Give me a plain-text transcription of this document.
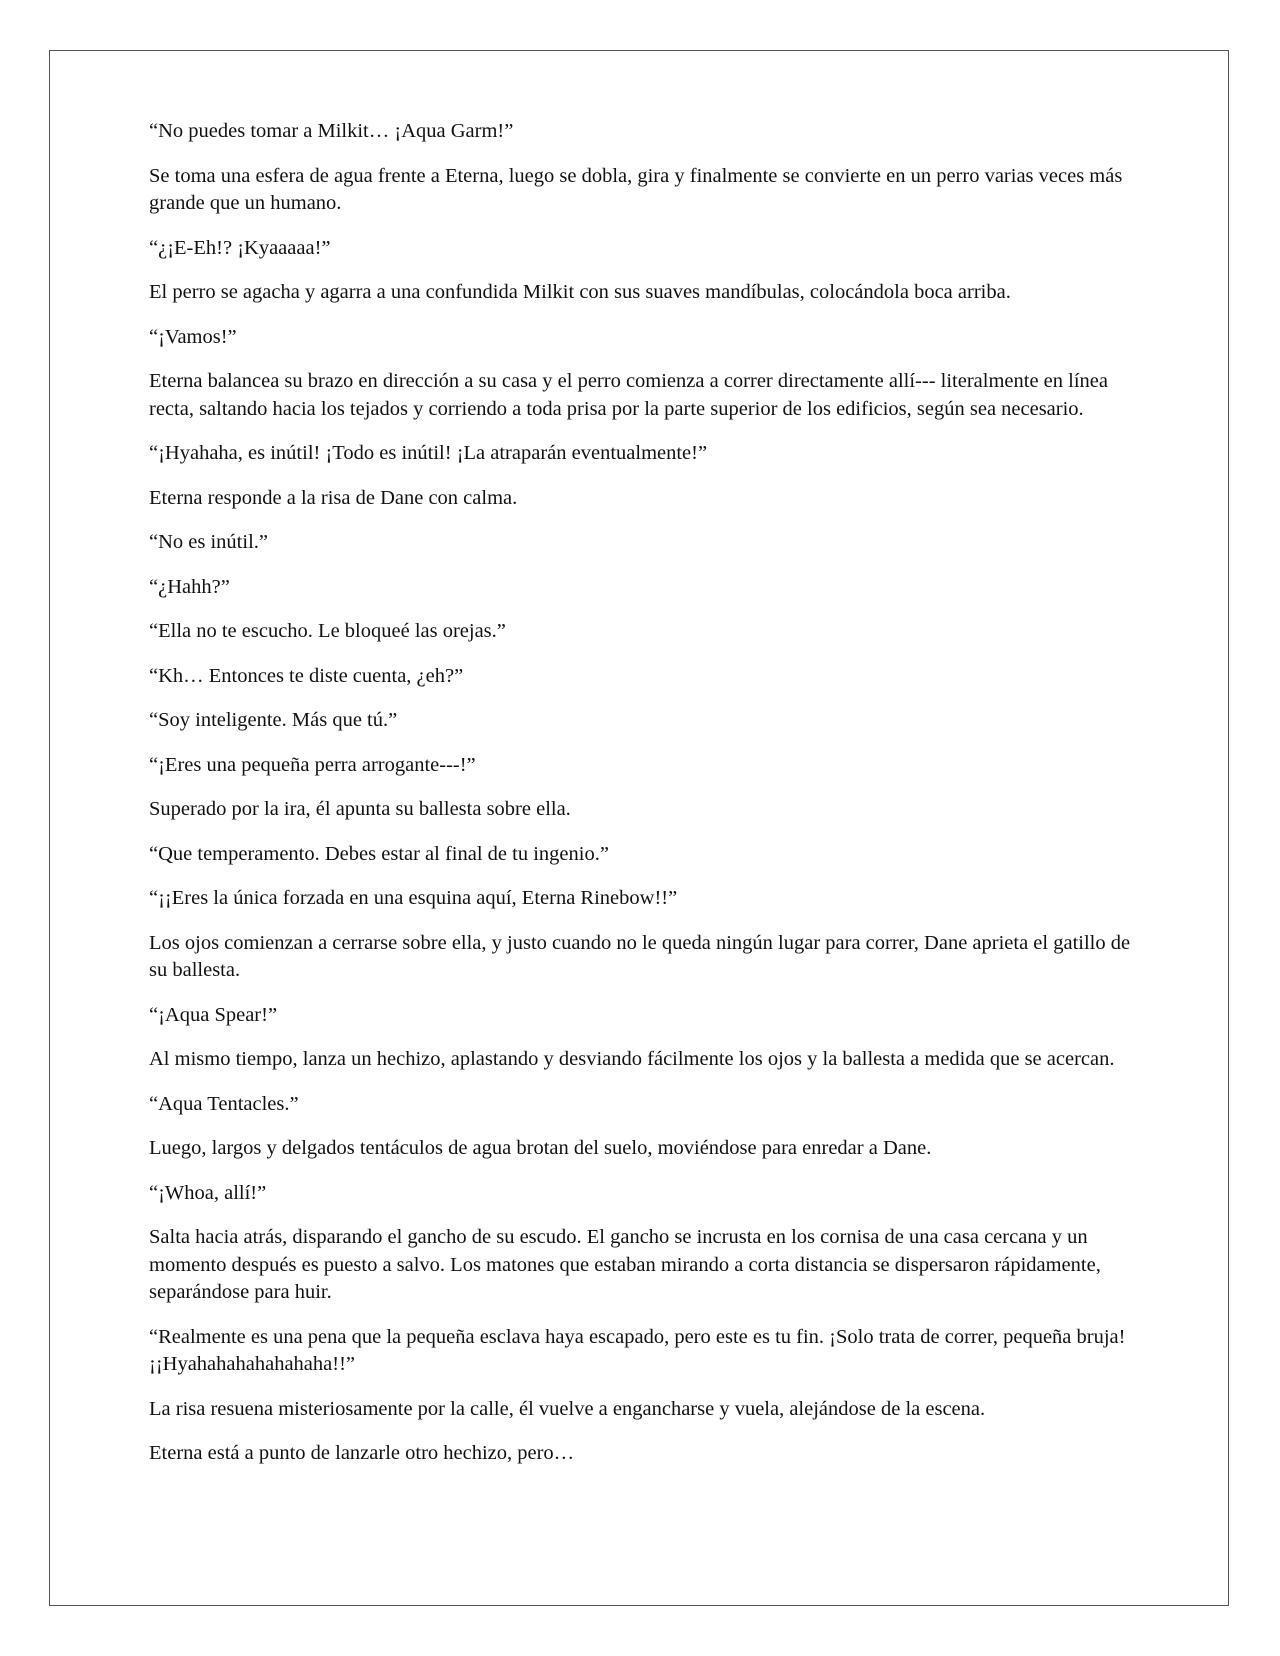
“No puedes tomar a Milkit… ¡Aqua Garm!”

Se toma una esfera de agua frente a Eterna, luego se dobla, gira y finalmente se convierte en un perro varias veces más grande que un humano.

“¿¡E-Eh!? ¡Kyaaaaa!”

El perro se agacha y agarra a una confundida Milkit con sus suaves mandíbulas, colocándola boca arriba.

“¡Vamos!”

Eterna balancea su brazo en dirección a su casa y el perro comienza a correr directamente allí--- literalmente en línea recta, saltando hacia los tejados y corriendo a toda prisa por la parte superior de los edificios, según sea necesario.

“¡Hyahaha, es inútil! ¡Todo es inútil! ¡La atraparán eventualmente!”

Eterna responde a la risa de Dane con calma.

“No es inútil.”

“¿Hahh?”

“Ella no te escucho. Le bloqueé las orejas.”

“Kh… Entonces te diste cuenta, ¿eh?”

“Soy inteligente. Más que tú.”

“¡Eres una pequeña perra arrogante---!”

Superado por la ira, él apunta su ballesta sobre ella.

“Que temperamento. Debes estar al final de tu ingenio.”

“¡¡Eres la única forzada en una esquina aquí, Eterna Rinebow!!”

Los ojos comienzan a cerrarse sobre ella, y justo cuando no le queda ningún lugar para correr, Dane aprieta el gatillo de su ballesta.

“¡Aqua Spear!”

Al mismo tiempo, lanza un hechizo, aplastando y desviando fácilmente los ojos y la ballesta a medida que se acercan.

“Aqua Tentacles.”

Luego, largos y delgados tentáculos de agua brotan del suelo, moviéndose para enredar a Dane.

“¡Whoa, allí!”

Salta hacia atrás, disparando el gancho de su escudo. El gancho se incrusta en los cornisa de una casa cercana y un momento después es puesto a salvo. Los matones que estaban mirando a corta distancia se dispersaron rápidamente, separándose para huir.

“Realmente es una pena que la pequeña esclava haya escapado, pero este es tu fin. ¡Solo trata de correr, pequeña bruja! ¡¡Hyahahahahahahaha!!”

La risa resuena misteriosamente por la calle, él vuelve a engancharse y vuela, alejándose de la escena.

Eterna está a punto de lanzarle otro hechizo, pero…
